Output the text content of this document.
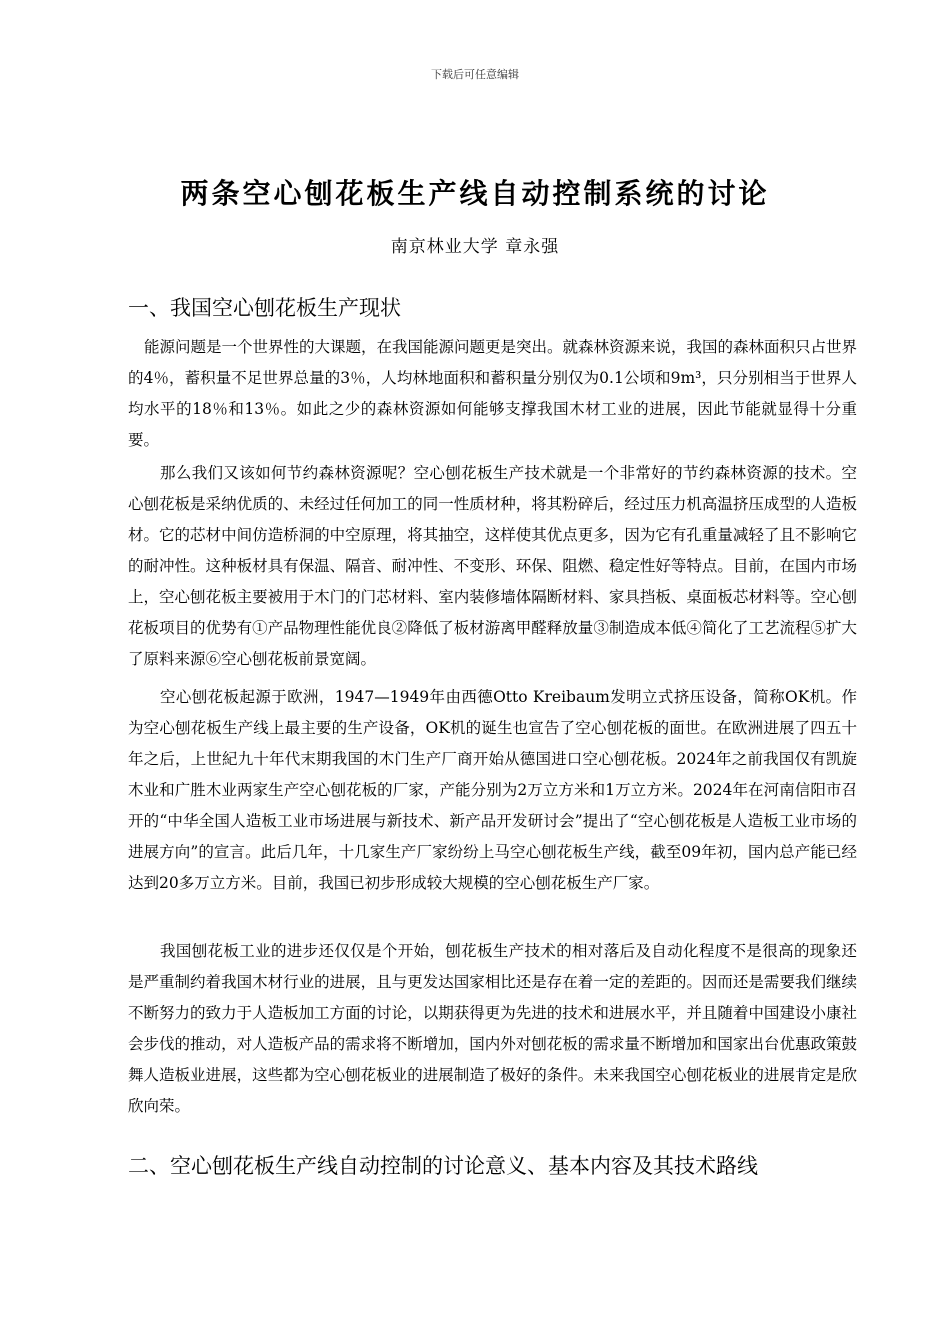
下载后可任意编辑
两条空心刨花板生产线自动控制系统的讨论
南京林业大学 章永强
一、我国空心刨花板生产现状

能源问题是一个世界性的大课题，在我国能源问题更是突出。就森林资源来说，我国的森林面积只占世界的4％，蓄积量不足世界总量的3％，人均林地面积和蓄积量分别仅为0.1公顷和9m³，只分别相当于世界人均水平的18％和13％。如此之少的森林资源如何能够支撑我国木材工业的进展，因此节能就显得十分重要。

那么我们又该如何节约森林资源呢？空心刨花板生产技术就是一个非常好的节约森林资源的技术。空心刨花板是采纳优质的、未经过任何加工的同一性质材种，将其粉碎后，经过压力机高温挤压成型的人造板材。它的芯材中间仿造桥洞的中空原理，将其抽空，这样使其优点更多，因为它有孔重量减轻了且不影响它的耐冲性。这种板材具有保温、隔音、耐冲性、不变形、环保、阻燃、稳定性好等特点。目前，在国内市场上，空心刨花板主要被用于木门的门芯材料、室内装修墙体隔断材料、家具挡板、桌面板芯材料等。空心刨花板项目的优势有①产品物理性能优良②降低了板材游离甲醛释放量③制造成本低④简化了工艺流程⑤扩大了原料来源⑥空心刨花板前景宽阔。

空心刨花板起源于欧洲，1947—1949年由西德Otto Kreibaum发明立式挤压设备，简称OK机。作为空心刨花板生产线上最主要的生产设备，OK机的诞生也宣告了空心刨花板的面世。在欧洲进展了四五十年之后，上世紀九十年代末期我国的木门生产厂商开始从德国进口空心刨花板。2024年之前我国仅有凯旋木业和广胜木业两家生产空心刨花板的厂家，产能分别为2万立方米和1万立方米。2024年在河南信阳市召开的“中华全国人造板工业市场进展与新技术、新产品开发研讨会”提出了“空心刨花板是人造板工业市场的进展方向”的宣言。此后几年，十几家生产厂家纷纷上马空心刨花板生产线，截至09年初，国内总产能已经达到20多万立方米。目前，我国已初步形成较大规模的空心刨花板生产厂家。

我国刨花板工业的进步还仅仅是个开始，刨花板生产技术的相对落后及自动化程度不是很高的现象还是严重制约着我国木材行业的进展，且与更发达国家相比还是存在着一定的差距的。因而还是需要我们继续不断努力的致力于人造板加工方面的讨论，以期获得更为先进的技术和进展水平，并且随着中国建设小康社会步伐的推动，对人造板产品的需求将不断增加，国内外对刨花板的需求量不断增加和国家出台优惠政策鼓舞人造板业进展，这些都为空心刨花板业的进展制造了极好的条件。未来我国空心刨花板业的进展肯定是欣欣向荣。

二、空心刨花板生产线自动控制的讨论意义、基本内容及其技术路线
